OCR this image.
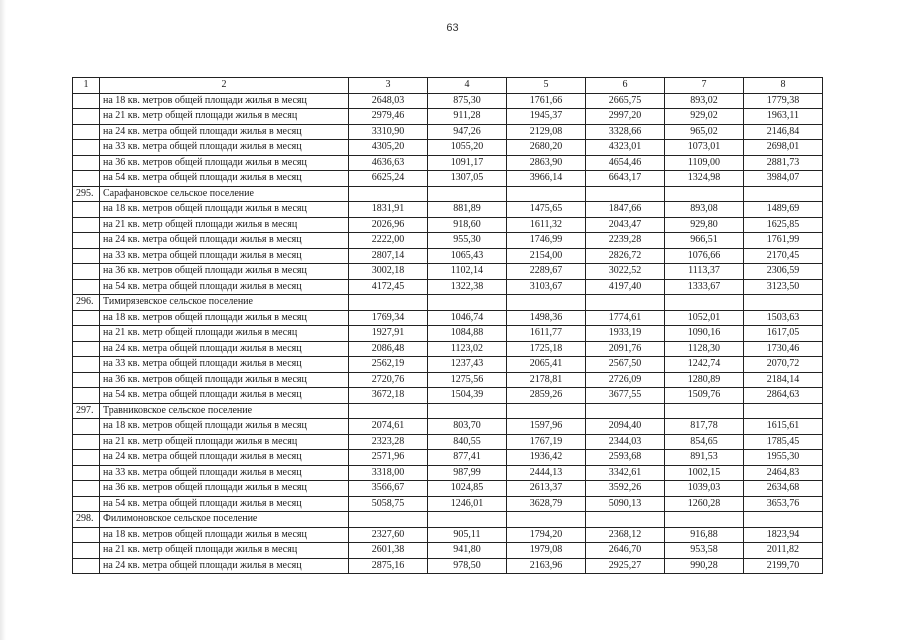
63
1	2	3	4	5	6	7	8
	на 18 кв. метров общей площади жилья в месяц	2648,03	875,30	1761,66	2665,75	893,02	1779,38
	на 21 кв. метр общей площади жилья в месяц	2979,46	911,28	1945,37	2997,20	929,02	1963,11
	на 24 кв. метра общей площади жилья в месяц	3310,90	947,26	2129,08	3328,66	965,02	2146,84
	на 33 кв. метра общей площади жилья в месяц	4305,20	1055,20	2680,20	4323,01	1073,01	2698,01
	на 36 кв. метров общей площади жилья в месяц	4636,63	1091,17	2863,90	4654,46	1109,00	2881,73
	на 54 кв. метра общей площади жилья в месяц	6625,24	1307,05	3966,14	6643,17	1324,98	3984,07
295.	Сарафановское сельское поселение						
	на 18 кв. метров общей площади жилья в месяц	1831,91	881,89	1475,65	1847,66	893,08	1489,69
	на 21 кв. метр общей площади жилья в месяц	2026,96	918,60	1611,32	2043,47	929,80	1625,85
	на 24 кв. метра общей площади жилья в месяц	2222,00	955,30	1746,99	2239,28	966,51	1761,99
	на 33 кв. метра общей площади жилья в месяц	2807,14	1065,43	2154,00	2826,72	1076,66	2170,45
	на 36 кв. метров общей площади жилья в месяц	3002,18	1102,14	2289,67	3022,52	1113,37	2306,59
	на 54 кв. метра общей площади жилья в месяц	4172,45	1322,38	3103,67	4197,40	1333,67	3123,50
296.	Тимирязевское сельское поселение						
	на 18 кв. метров общей площади жилья в месяц	1769,34	1046,74	1498,36	1774,61	1052,01	1503,63
	на 21 кв. метр общей площади жилья в месяц	1927,91	1084,88	1611,77	1933,19	1090,16	1617,05
	на 24 кв. метра общей площади жилья в месяц	2086,48	1123,02	1725,18	2091,76	1128,30	1730,46
	на 33 кв. метра общей площади жилья в месяц	2562,19	1237,43	2065,41	2567,50	1242,74	2070,72
	на 36 кв. метров общей площади жилья в месяц	2720,76	1275,56	2178,81	2726,09	1280,89	2184,14
	на 54 кв. метра общей площади жилья в месяц	3672,18	1504,39	2859,26	3677,55	1509,76	2864,63
297.	Травниковское сельское поселение						
	на 18 кв. метров общей площади жилья в месяц	2074,61	803,70	1597,96	2094,40	817,78	1615,61
	на 21 кв. метр общей площади жилья в месяц	2323,28	840,55	1767,19	2344,03	854,65	1785,45
	на 24 кв. метра общей площади жилья в месяц	2571,96	877,41	1936,42	2593,68	891,53	1955,30
	на 33 кв. метра общей площади жилья в месяц	3318,00	987,99	2444,13	3342,61	1002,15	2464,83
	на 36 кв. метров общей площади жилья в месяц	3566,67	1024,85	2613,37	3592,26	1039,03	2634,68
	на 54 кв. метра общей площади жилья в месяц	5058,75	1246,01	3628,79	5090,13	1260,28	3653,76
298.	Филимоновское сельское поселение						
	на 18 кв. метров общей площади жилья в месяц	2327,60	905,11	1794,20	2368,12	916,88	1823,94
	на 21 кв. метр общей площади жилья в месяц	2601,38	941,80	1979,08	2646,70	953,58	2011,82
	на 24 кв. метра общей площади жилья в месяц	2875,16	978,50	2163,96	2925,27	990,28	2199,70
